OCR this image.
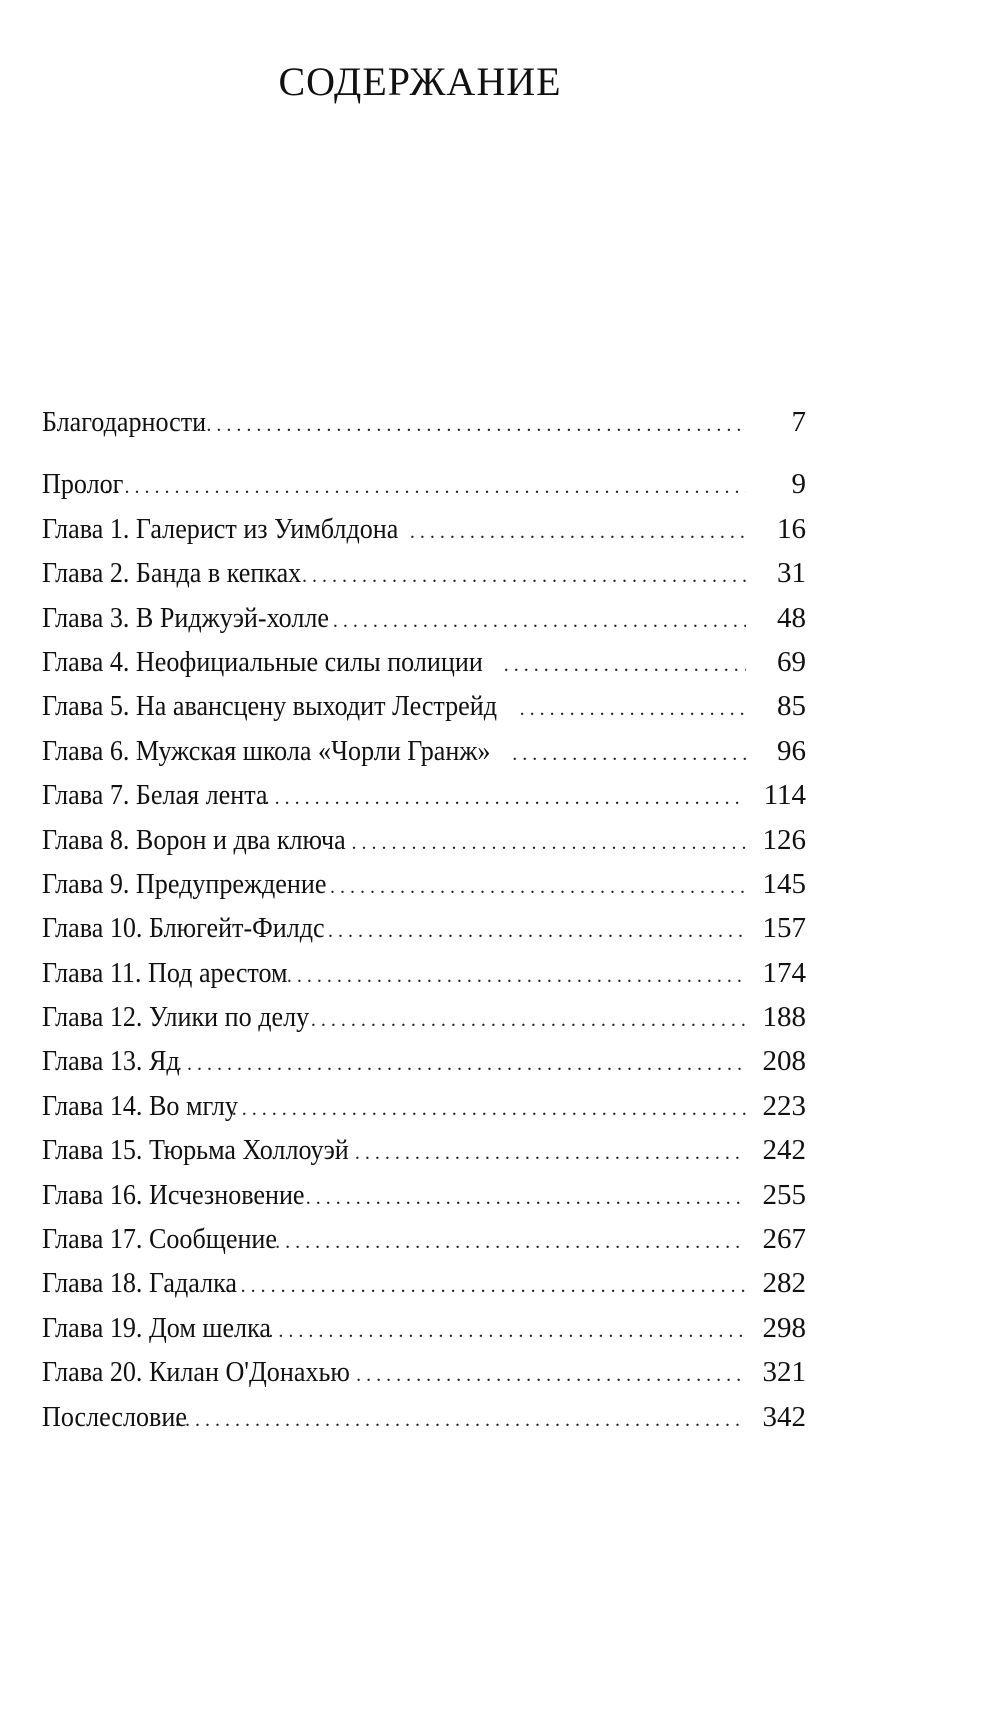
СОДЕРЖАНИЕ
Благодарности . . .	7
Пролог . . .	9
Глава 1. Галерист из Уимблдона . . .	16
Глава 2. Банда в кепках . . .	31
Глава 3. В Риджуэй-холле . . .	48
Глава 4. Неофициальные силы полиции . . .	69
Глава 5. На авансцену выходит Лестрейд . . .	85
Глава 6. Мужская школа «Чорли Гранж» . . .	96
Глава 7. Белая лента . . .	114
Глава 8. Ворон и два ключа . . .	126
Глава 9. Предупреждение . . .	145
Глава 10. Блюгейт-Филдс . . .	157
Глава 11. Под арестом . . .	174
Глава 12. Улики по делу . . .	188
Глава 13. Яд . . .	208
Глава 14. Во мглу . . .	223
Глава 15. Тюрьма Холлоуэй . . .	242
Глава 16. Исчезновение . . .	255
Глава 17. Сообщение . . .	267
Глава 18. Гадалка . . .	282
Глава 19. Дом шелка . . .	298
Глава 20. Килан О'Донахью . . .	321
Послесловие . . .	342
